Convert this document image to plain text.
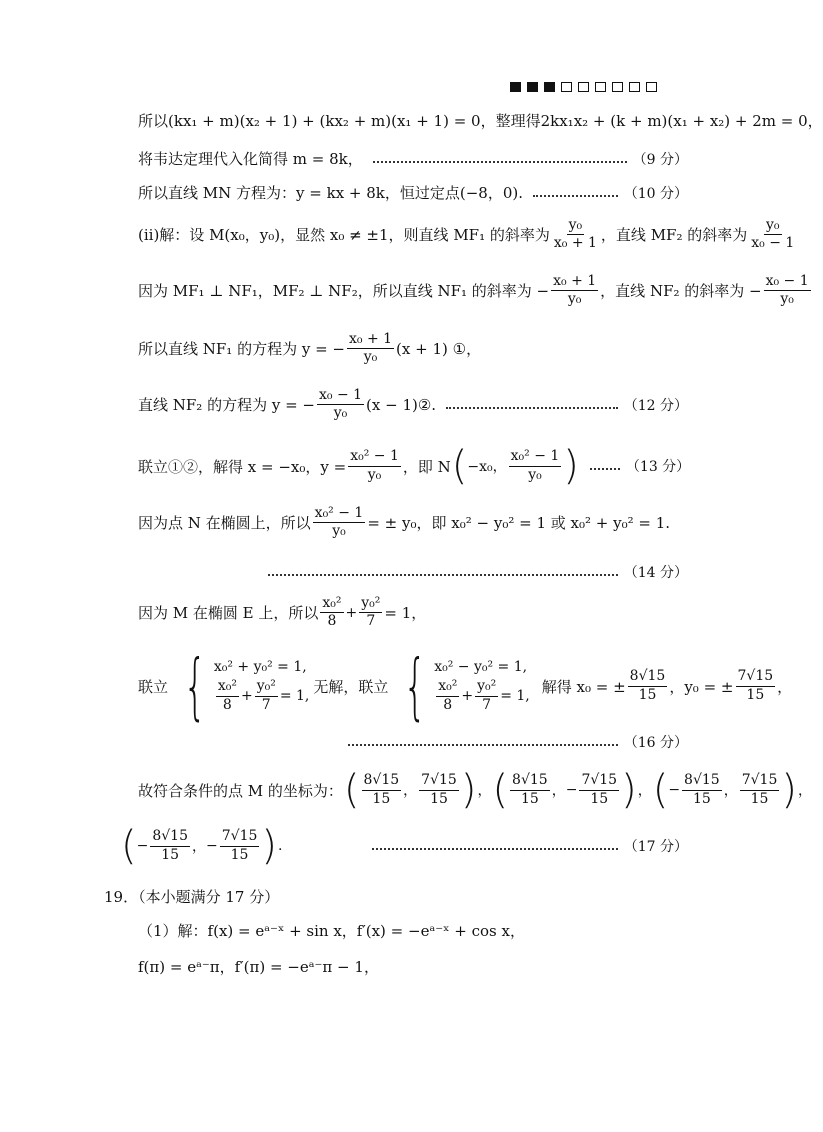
所以(kx₁ + m)(x₂ + 1) + (kx₂ + m)(x₁ + 1) = 0，整理得2kx₁x₂ + (k + m)(x₁ + x₂) + 2m = 0，
将韦达定理代入化简得 m = 8k，	（9 分）
所以直线 MN 方程为：y = kx + 8k，恒过定点(−8，0).	（10 分）
(ⅱ)解：设 M(x₀，y₀)，显然 x₀ ≠ ±1，则直线 MF₁ 的斜率为 $\frac{\text{y₀}}{\text{x₀ + 1}}$ ，直线 MF₂ 的斜率为 $\frac{\text{y₀}}{\text{x₀ − 1}}$
因为 MF₁ ⊥ NF₁，MF₂ ⊥ NF₂，所以直线 NF₁ 的斜率为 − $\frac{\text{x₀ + 1}}{\text{y₀}}$ ，直线 NF₂ 的斜率为 − $\frac{\text{x₀ − 1}}{\text{y₀}}$
所以直线 NF₁ 的方程为 y = − $\frac{\text{x₀ + 1}}{\text{y₀}} (x + 1)$ ①，
直线 NF₂ 的方程为 y = − $\frac{\text{x₀ − 1}}{\text{y₀}} (x$ − 1)②.	（12 分）
联立①②，解得 x = −x₀，$y = \frac{\text{x₀² − 1}}{\text{y₀}}$ ，即 N ( −x₀， $\frac{\text{x₀² − 1}}{\text{y₀}}$ )	（13 分）
因为点 N 在椭圆上，所以 $\frac{\text{x₀² − 1}}{\text{y₀}}$ = ± y₀，即 x₀² − y₀² = 1 或 x₀² + y₀² = 1.
（14 分）
因为 M 在椭圆 E 上，所以 $\frac{\text{x₀²}}{8} + \frac{\text{y₀²}}{7} = 1$，
联立 { x₀² + y₀² = 1,
$\frac{\text{x₀²}}{8} + \frac{\text{y₀²}}{7} = 1$,
无解，联立 { x₀² − y₀² = 1,
$\frac{\text{x₀²}}{8} + \frac{\text{y₀²}}{7} = 1$,
解得 x₀ = ± $\frac{8√15}{15}$ ，y₀ = ± $\frac{7√15}{15}$ ，
（16 分）
故符合条件的点 M 的坐标为： ( $\frac{8√15}{15}$ ， $\frac{7√15}{15}$ ) ， ( $\frac{8√15}{15}$ ， − $\frac{7√15}{15}$ ) ， ( − $\frac{8√15}{15}$ ， $\frac{7√15}{15}$ ) ，
( − $\frac{8√15}{15}$ ， − $\frac{7√15}{15}$ ) .	（17 分）
19．（本小题满分 17 分）
（1）解：f(x) = eᵃ⁻ˣ + sin x，f′(x) = −eᵃ⁻ˣ + cos x，
f(π) = eᵃ⁻π，f′(π) = −eᵃ⁻π − 1，
